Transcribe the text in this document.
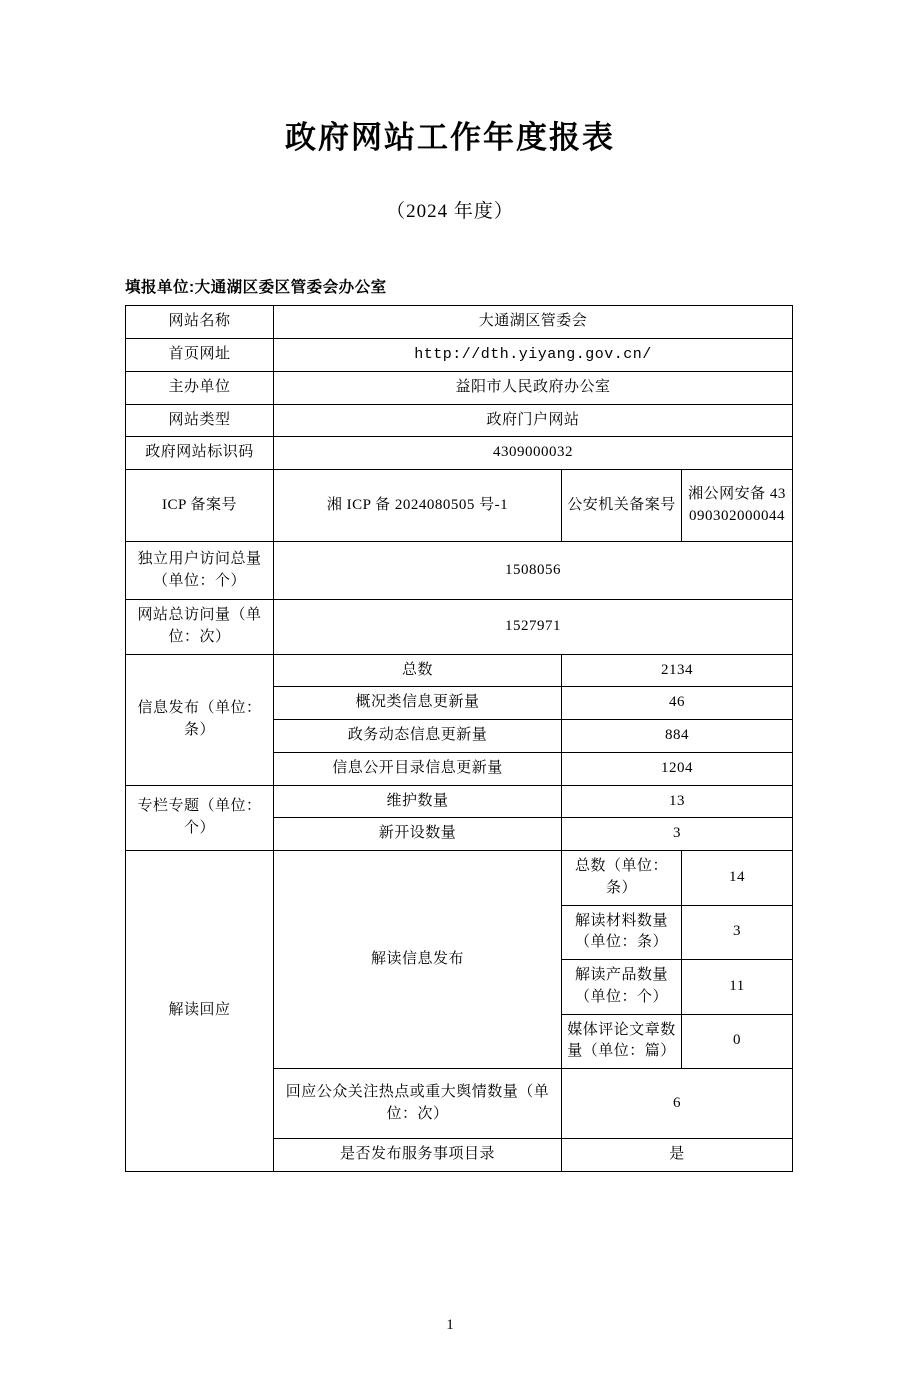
政府网站工作年度报表
（2024 年度）
填报单位:大通湖区委区管委会办公室
网站名称	大通湖区管委会		
首页网址	http://dth.yiyang.gov.cn/		
主办单位	益阳市人民政府办公室		
网站类型	政府门户网站		
政府网站标识码	4309000032		
ICP 备案号	湘 ICP 备 2024080505 号-1	公安机关备案号	湘公网安备 43090302000044
独立用户访问总量（单位：个）	1508056		
网站总访问量（单位：次）	1527971		
信息发布（单位：条）	总数	2134	
	概况类信息更新量	46	
	政务动态信息更新量	884	
	信息公开目录信息更新量	1204	
专栏专题（单位：个）	维护数量	13	
	新开设数量	3	
解读回应	解读信息发布	总数（单位：条）	14
		解读材料数量（单位：条）	3
		解读产品数量（单位：个）	11
		媒体评论文章数量（单位：篇）	0
	回应公众关注热点或重大舆情数量（单位：次）	6	
	是否发布服务事项目录	是	
1
